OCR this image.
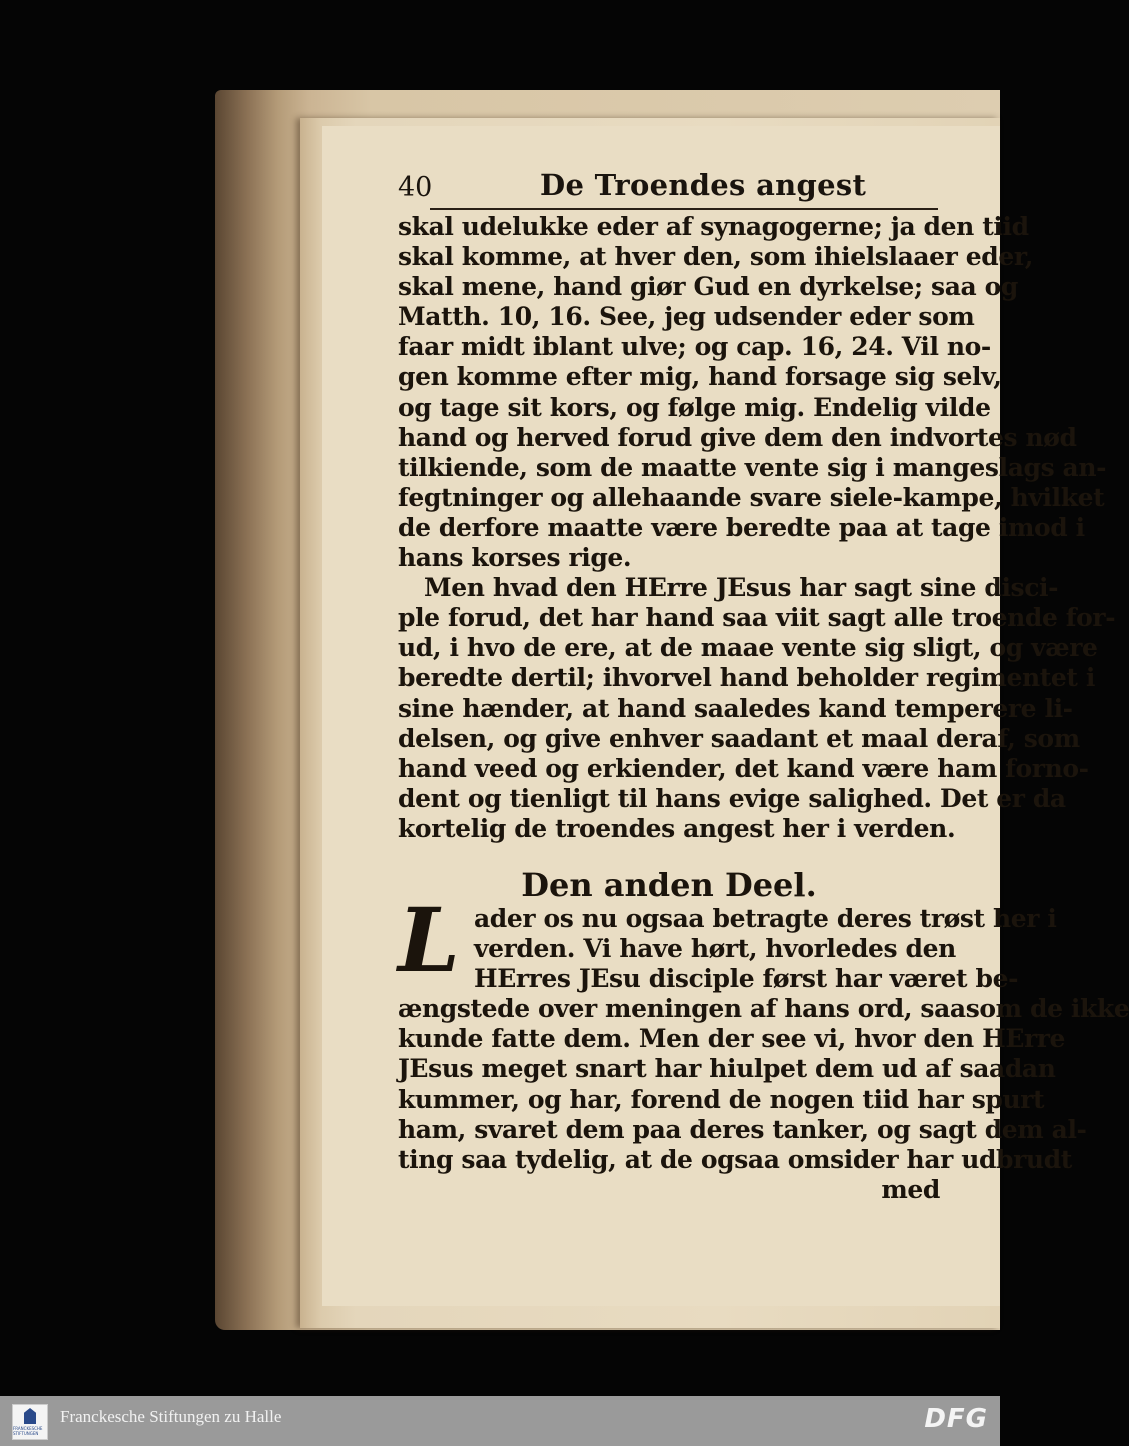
40	De Troendes angest
skal udelukke eder af synagogerne; ja den tiid
skal komme, at hver den, som ihielslaaer eder,
skal mene, hand giør Gud en dyrkelse; saa og
Matth. 10, 16. See, jeg udsender eder som
faar midt iblant ulve; og cap. 16, 24. Vil no-
gen komme efter mig, hand forsage sig selv,
og tage sit kors, og følge mig. Endelig vilde
hand og herved forud give dem den indvortes nød
tilkiende, som de maatte vente sig i mangeslags an-
fegtninger og allehaande svare siele-kampe, hvilket
de derfore maatte være beredte paa at tage imod i
hans korses rige.
Men hvad den HErre JEsus har sagt sine disci-
ple forud, det har hand saa viit sagt alle troende for-
ud, i hvo de ere, at de maae vente sig sligt, og være
beredte dertil; ihvorvel hand beholder regimentet i
sine hænder, at hand saaledes kand temperere li-
delsen, og give enhver saadant et maal deraf, som
hand veed og erkiender, det kand være ham forno-
dent og tienligt til hans evige salighed. Det er da
kortelig de troendes angest her i verden.
Den anden Deel.
L ader os nu ogsaa betragte deres trøst her i
verden. Vi have hørt, hvorledes den
HErres JEsu disciple først har været be-
ængstede over meningen af hans ord, saasom de ikke
kunde fatte dem. Men der see vi, hvor den HErre
JEsus meget snart har hiulpet dem ud af saadan
kummer, og har, forend de nogen tiid har spurt
ham, svaret dem paa deres tanker, og sagt dem al-
ting saa tydelig, at de ogsaa omsider har udbrudt
med
FRANCKESCHE STIFTUNGEN
Franckesche Stiftungen zu Halle	DFG
